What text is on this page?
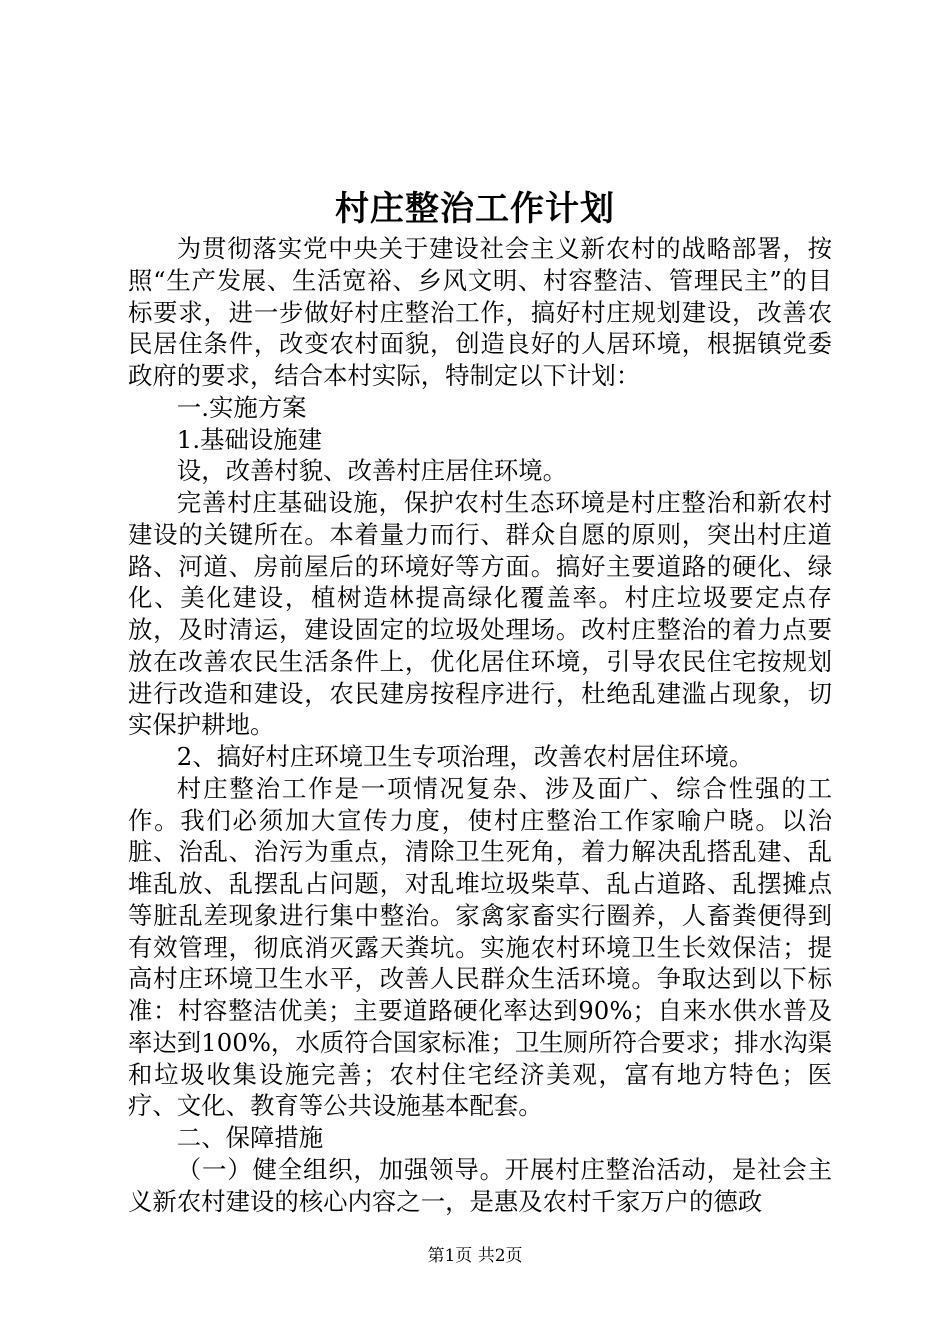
村庄整治工作计划

为贯彻落实党中央关于建设社会主义新农村的战略部署，按照“生产发展、生活宽裕、乡风文明、村容整洁、管理民主”的目标要求，进一步做好村庄整治工作，搞好村庄规划建设，改善农民居住条件，改变农村面貌，创造良好的人居环境，根据镇党委政府的要求，结合本村实际，特制定以下计划：

一.实施方案

1.基础设施建

设，改善村貌、改善村庄居住环境。

完善村庄基础设施，保护农村生态环境是村庄整治和新农村建设的关键所在。本着量力而行、群众自愿的原则，突出村庄道路、河道、房前屋后的环境好等方面。搞好主要道路的硬化、绿化、美化建设，植树造林提高绿化覆盖率。村庄垃圾要定点存放，及时清运，建设固定的垃圾处理场。改村庄整治的着力点要放在改善农民生活条件上，优化居住环境，引导农民住宅按规划进行改造和建设，农民建房按程序进行，杜绝乱建滥占现象，切实保护耕地。

2、搞好村庄环境卫生专项治理，改善农村居住环境。

村庄整治工作是一项情况复杂、涉及面广、综合性强的工作。我们必须加大宣传力度，使村庄整治工作家喻户晓。以治脏、治乱、治污为重点，清除卫生死角，着力解决乱搭乱建、乱堆乱放、乱摆乱占问题，对乱堆垃圾柴草、乱占道路、乱摆摊点等脏乱差现象进行集中整治。家禽家畜实行圈养，人畜粪便得到有效管理，彻底消灭露天粪坑。实施农村环境卫生长效保洁；提高村庄环境卫生水平，改善人民群众生活环境。争取达到以下标准：村容整洁优美；主要道路硬化率达到90%；自来水供水普及率达到100%，水质符合国家标准；卫生厕所符合要求；排水沟渠和垃圾收集设施完善；农村住宅经济美观，富有地方特色；医疗、文化、教育等公共设施基本配套。

二、保障措施

（一）健全组织，加强领导。开展村庄整治活动，是社会主义新农村建设的核心内容之一，是惠及农村千家万户的德政

第1页 共2页
